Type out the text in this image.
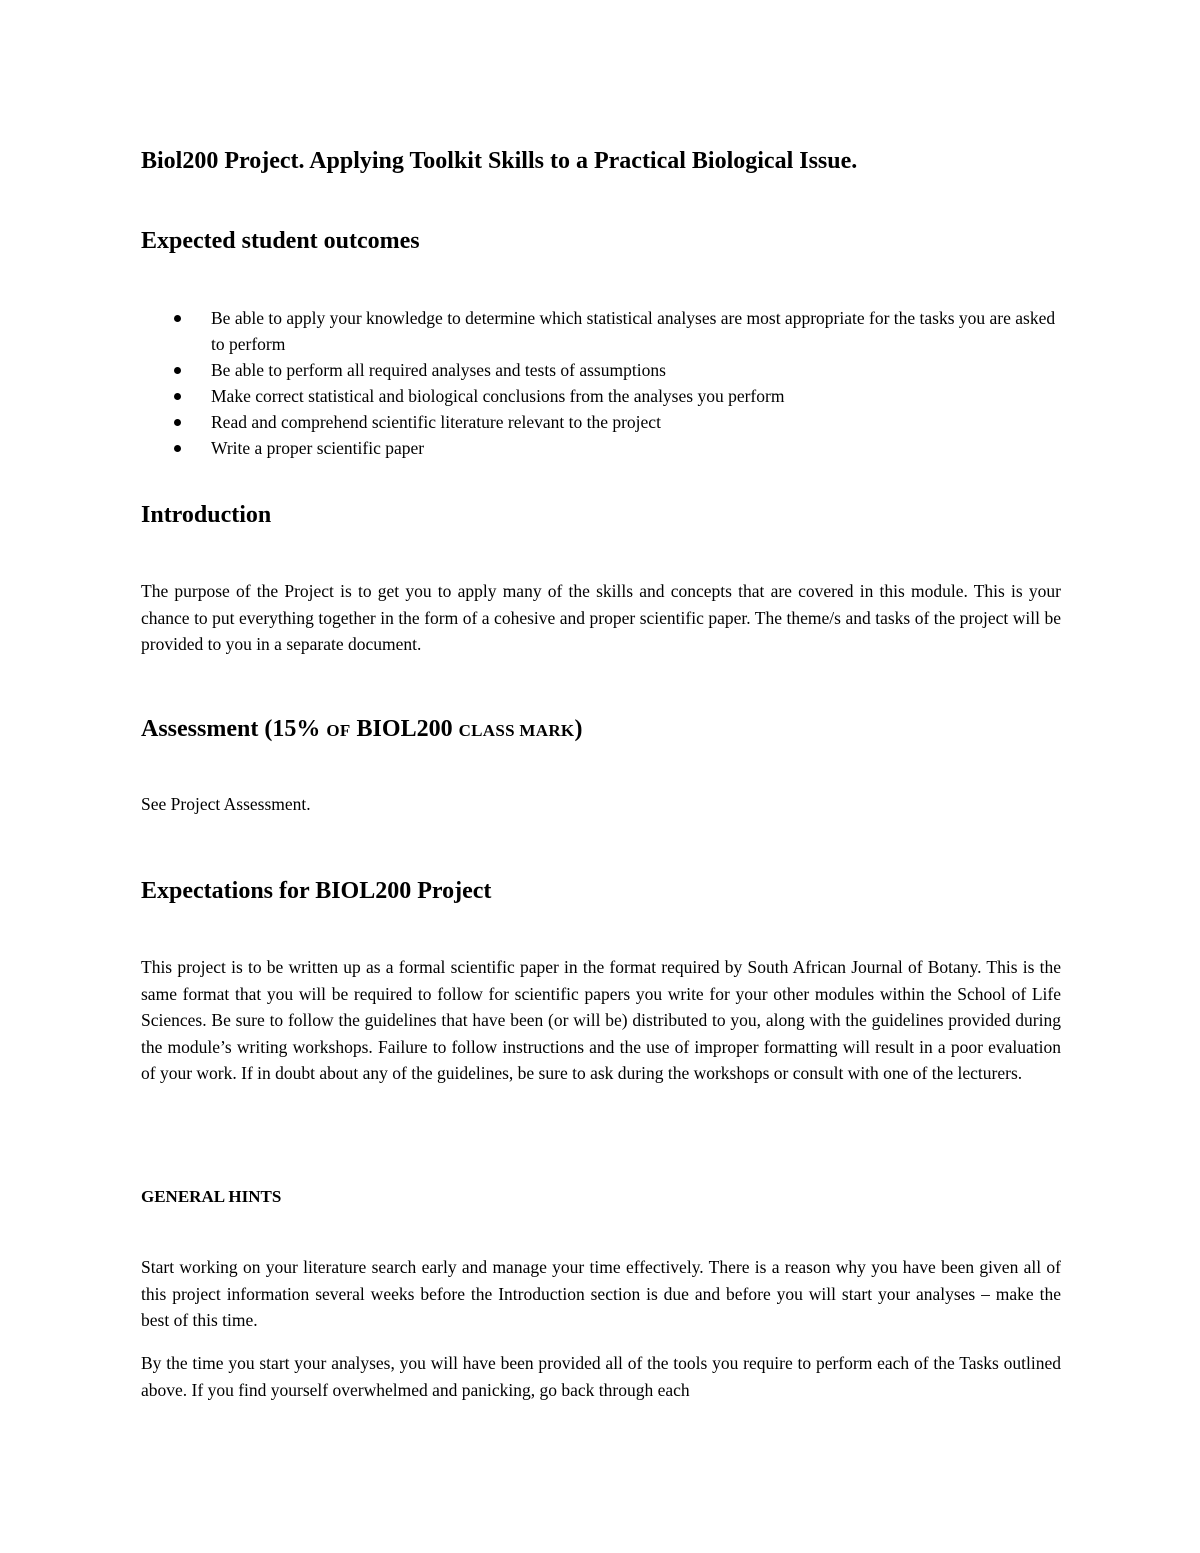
Biol200 Project. Applying Toolkit Skills to a Practical Biological Issue.
Expected student outcomes
Be able to apply your knowledge to determine which statistical analyses are most appropriate for the tasks you are asked to perform
Be able to perform all required analyses and tests of assumptions
Make correct statistical and biological conclusions from the analyses you perform
Read and comprehend scientific literature relevant to the project
Write a proper scientific paper
Introduction

The purpose of the Project is to get you to apply many of the skills and concepts that are covered in this module. This is your chance to put everything together in the form of a cohesive and proper scientific paper. The theme/s and tasks of the project will be provided to you in a separate document.

Assessment (15% OF BIOL200 CLASS MARK)

See Project Assessment.

Expectations for BIOL200 Project

This project is to be written up as a formal scientific paper in the format required by South African Journal of Botany. This is the same format that you will be required to follow for scientific papers you write for your other modules within the School of Life Sciences. Be sure to follow the guidelines that have been (or will be) distributed to you, along with the guidelines provided during the module’s writing workshops. Failure to follow instructions and the use of improper formatting will result in a poor evaluation of your work. If in doubt about any of the guidelines, be sure to ask during the workshops or consult with one of the lecturers.

GENERAL HINTS

Start working on your literature search early and manage your time effectively. There is a reason why you have been given all of this project information several weeks before the Introduction section is due and before you will start your analyses – make the best of this time.

By the time you start your analyses, you will have been provided all of the tools you require to perform each of the Tasks outlined above. If you find yourself overwhelmed and panicking, go back through each
